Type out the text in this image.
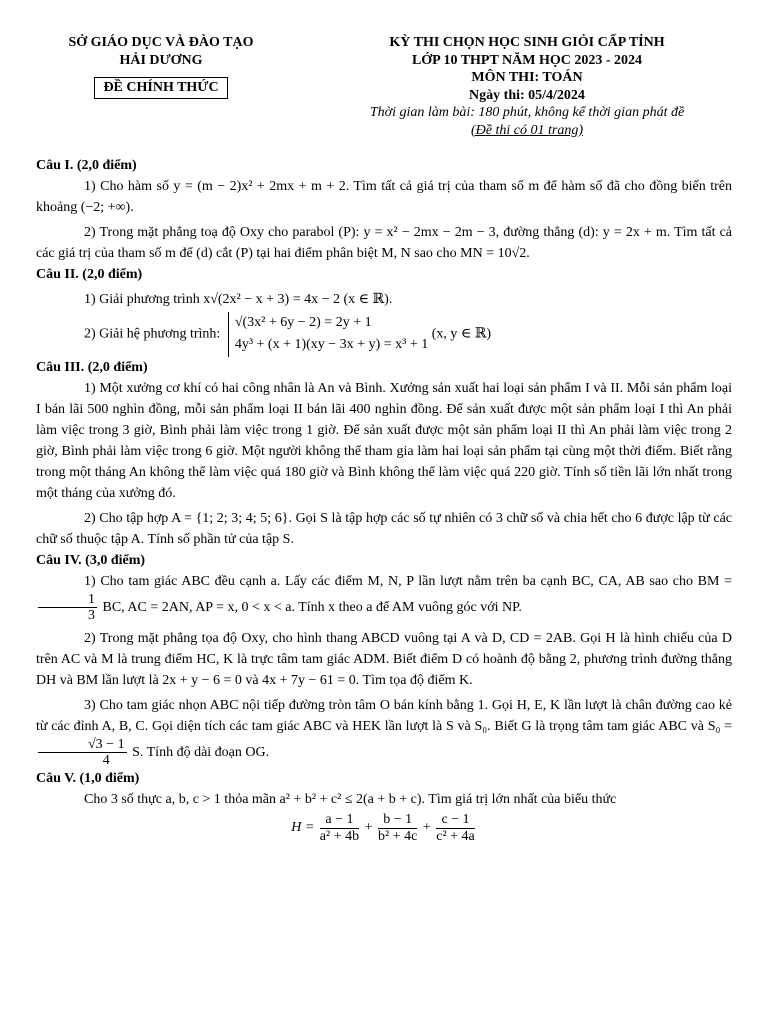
SỞ GIÁO DỤC VÀ ĐÀO TẠO
HẢI DƯƠNG
ĐỀ CHÍNH THỨC
KỲ THI CHỌN HỌC SINH GIỎI CẤP TỈNH
LỚP 10 THPT NĂM HỌC 2023 - 2024
MÔN THI: TOÁN
Ngày thi: 05/4/2024
Thời gian làm bài: 180 phút, không kể thời gian phát đề
(Đề thi có 01 trang)

Câu I. (2,0 điểm)

1) Cho hàm số y = (m − 2)x² + 2mx + m + 2. Tìm tất cả giá trị của tham số m để hàm số đã cho đồng biến trên khoảng (−2; +∞).

2) Trong mặt phẳng toạ độ Oxy cho parabol (P): y = x² − 2mx − 2m − 3, đường thẳng (d): y = 2x + m. Tìm tất cả các giá trị của tham số m để (d) cắt (P) tại hai điểm phân biệt M, N sao cho MN = 10√2.

Câu II. (2,0 điểm)

1) Giải phương trình x√(2x² − x + 3) = 4x − 2 (x ∈ ℝ).

2) Giải hệ phương trình:
√(3x² + 6y − 2) = 2y + 1
4y³ + (x + 1)(xy − 3x + y) = x³ + 1
(x, y ∈ ℝ)

Câu III. (2,0 điểm)

1) Một xưởng cơ khí có hai công nhân là An và Bình. Xưởng sản xuất hai loại sản phẩm I và II. Mỗi sản phẩm loại I bán lãi 500 nghìn đồng, mỗi sản phẩm loại II bán lãi 400 nghìn đồng. Để sản xuất được một sản phẩm loại I thì An phải làm việc trong 3 giờ, Bình phải làm việc trong 1 giờ. Để sản xuất được một sản phẩm loại II thì An phải làm việc trong 2 giờ, Bình phải làm việc trong 6 giờ. Một người không thể tham gia làm hai loại sản phẩm tại cùng một thời điểm. Biết rằng trong một tháng An không thể làm việc quá 180 giờ và Bình không thể làm việc quá 220 giờ. Tính số tiền lãi lớn nhất trong một tháng của xưởng đó.

2) Cho tập hợp A = {1; 2; 3; 4; 5; 6}. Gọi S là tập hợp các số tự nhiên có 3 chữ số và chia hết cho 6 được lập từ các chữ số thuộc tập A. Tính số phần tử của tập S.

Câu IV. (3,0 điểm)

1) Cho tam giác ABC đều cạnh a. Lấy các điểm M, N, P lần lượt nằm trên ba cạnh BC, CA, AB sao cho BM =
$\frac{1}{3}$ BC, AC = 2AN, AP = x, 0 < x < a. Tính x theo a để AM vuông góc với NP.

2) Trong mặt phẳng tọa độ Oxy, cho hình thang ABCD vuông tại A và D, CD = 2AB. Gọi H là hình chiếu của D trên AC và M là trung điểm HC, K là trực tâm tam giác ADM. Biết điểm D có hoành độ bằng 2, phương trình đường thẳng DH và BM lần lượt là 2x + y − 6 = 0 và 4x + 7y − 61 = 0. Tìm tọa độ điểm K.

3) Cho tam giác nhọn ABC nội tiếp đường tròn tâm O bán kính bằng 1. Gọi H, E, K lần lượt là chân đường cao kẻ từ các đỉnh A, B, C. Gọi diện tích các tam giác ABC và HEK lần lượt là S và S₀. Biết G là trọng tâm tam giác ABC và S₀ =
$\frac{√3 - 1}{4} S$. Tính độ dài đoạn OG.

Câu V. (1,0 điểm)

Cho 3 số thực a, b, c > 1 thỏa mãn a² + b² + c² ≤ 2(a + b + c). Tìm giá trị lớn nhất của biểu thức

$H = \frac{a - 1}{\text{a² + 4b}} + \frac{b - 1}{\text{b² + 4c}} + \frac{c - 1}{\text{c² + 4a}}$
